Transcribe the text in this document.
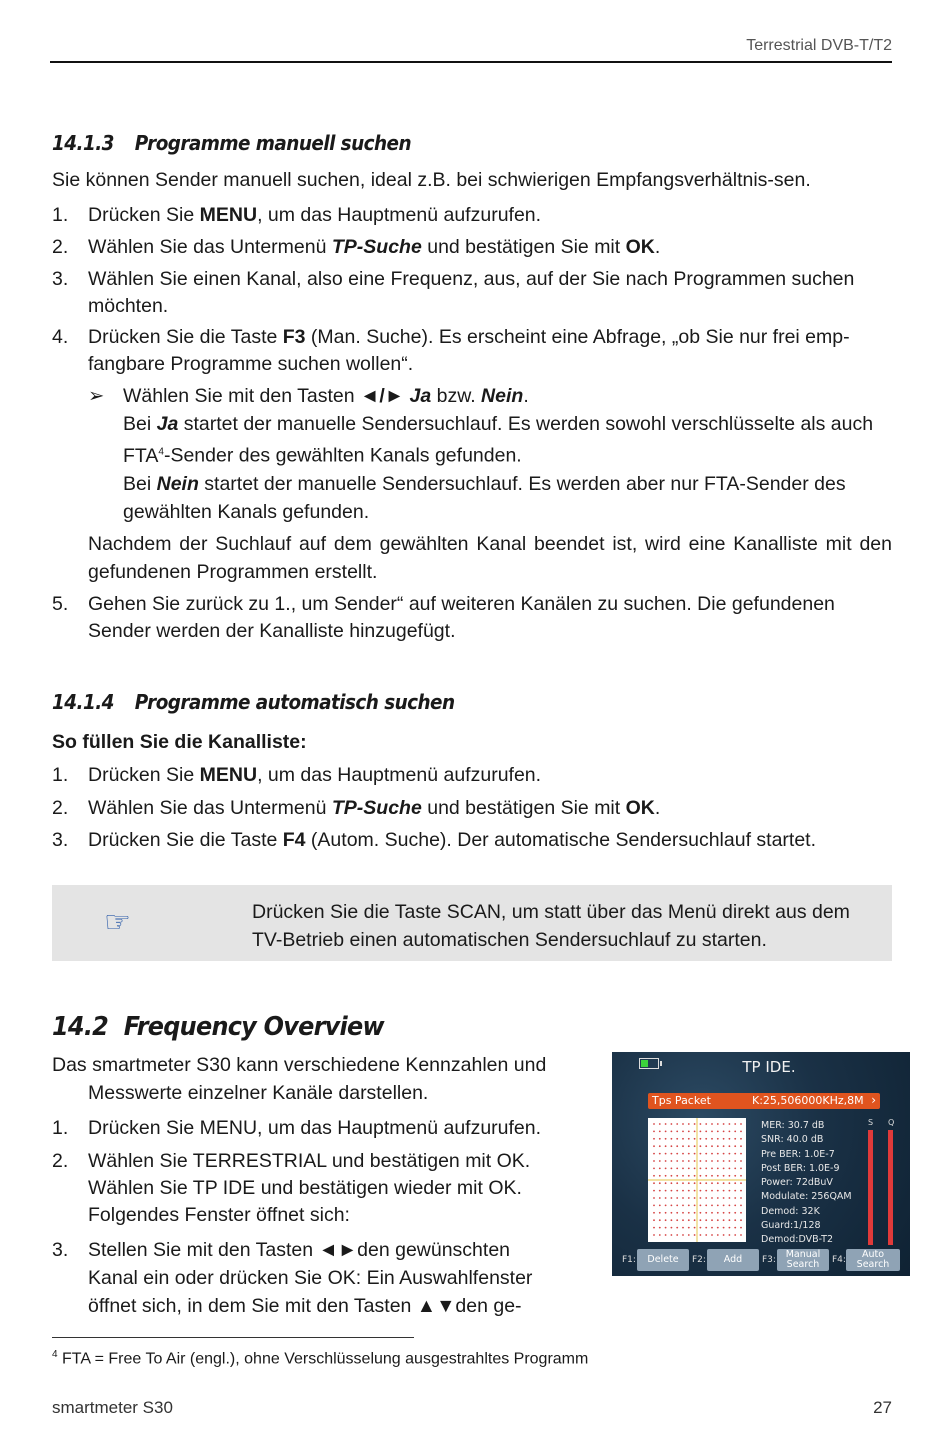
Terrestrial DVB-T/T2
14.1.3 Programme manuell suchen
Sie können Sender manuell suchen, ideal z.B. bei schwierigen Empfangsverhältnis-sen.
1.	Drücken Sie MENU, um das Hauptmenü aufzurufen.
2.	Wählen Sie das Untermenü TP-Suche und bestätigen Sie mit OK.
3.	Wählen Sie einen Kanal, also eine Frequenz, aus, auf der Sie nach Programmen suchen möchten.
4.	Drücken Sie die Taste F3 (Man. Suche). Es erscheint eine Abfrage, „ob Sie nur frei emp-fangbare Programme suchen wollen“.
➢ Wählen Sie mit den Tasten ◄/► Ja bzw. Nein.
Bei Ja startet der manuelle Sendersuchlauf. Es werden sowohl verschlüsselte als auch FTA$^4$-Sender des gewählten Kanals gefunden.
Bei Nein startet der manuelle Sendersuchlauf. Es werden aber nur FTA-Sender des gewählten Kanals gefunden.
Nachdem der Suchlauf auf dem gewählten Kanal beendet ist, wird eine Kanalliste mit den gefundenen Programmen erstellt.
5.	Gehen Sie zurück zu 1., um Sender“ auf weiteren Kanälen zu suchen. Die gefundenen Sender werden der Kanalliste hinzugefügt.
14.1.4 Programme automatisch suchen
So füllen Sie die Kanalliste:
1.	Drücken Sie MENU, um das Hauptmenü aufzurufen.
2.	Wählen Sie das Untermenü TP-Suche und bestätigen Sie mit OK.
3.	Drücken Sie die Taste F4 (Autom. Suche). Der automatische Sendersuchlauf startet.
☞	Drücken Sie die Taste SCAN, um statt über das Menü direkt aus dem TV-Betrieb einen automatischen Sendersuchlauf zu starten.
14.2 Frequency Overview
Das smartmeter S30 kann verschiedene Kennzahlen und Messwerte einzelner Kanäle darstellen.
1.	Drücken Sie MENU, um das Hauptmenü aufzurufen.
2.	Wählen Sie TERRESTRIAL und bestätigen mit OK. Wählen Sie TP IDE und bestätigen wieder mit OK. Folgendes Fenster öffnet sich:
3.	Stellen Sie mit den Tasten ◄►den gewünschten Kanal ein oder drücken Sie OK: Ein Auswahlfenster öffnet sich, in dem Sie mit den Tasten ▲▼den ge-
TP IDE.
Tps Packet	K:25,506000KHz,8M ›
MER: 30.7 dB
SNR: 40.0 dB
Pre BER: 1.0E-7
Post BER: 1.0E-9
Power: 72dBuV
Modulate: 256QAM
Demod: 32K
Guard:1/128
Demod:DVB-T2
S Q
F1:	Delete	F2:	Add	F3:	Manual Search	F4:	Auto Search
$^4$ FTA = Free To Air (engl.), ohne Verschlüsselung ausgestrahltes Programm
smartmeter S30	27
